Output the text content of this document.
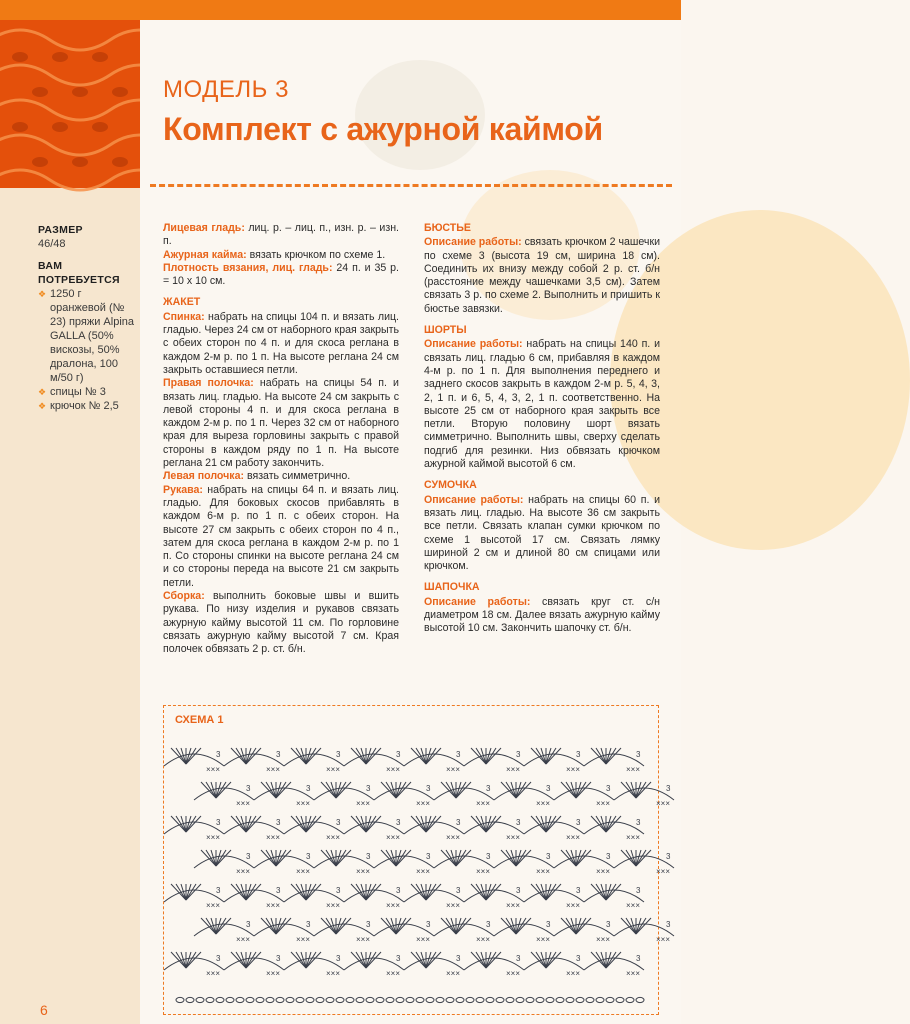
МОДЕЛЬ 3
Комплект с ажурной каймой
РАЗМЕР
46/48
ВАМ
ПОТРЕБУЕТСЯ
❖ 1250 г оранжевой (№ 23) пряжи Alpina GALLA (50% вискозы, 50% дралона, 100 м/50 г)
❖ спицы № 3
❖ крючок № 2,5

Лицевая гладь: лиц. р. – лиц. п., изн. р. – изн. п.

Ажурная кайма: вязать крючком по схеме 1.

Плотность вязания, лиц. гладь: 24 п. и 35 р. = 10 х 10 см.

ЖАКЕТ

Спинка: набрать на спицы 104 п. и вязать лиц. гладью. Через 24 см от наборного края закрыть с обеих сторон по 4 п. и для скоса реглана в каждом 2-м р. по 1 п. На высоте реглана 24 см закрыть оставшиеся петли.

Правая полочка: набрать на спицы 54 п. и вязать лиц. гладью. На высоте 24 см закрыть с левой стороны 4 п. и для скоса реглана в каждом 2-м р. по 1 п. Через 32 см от наборного края для выреза горловины закрыть с правой стороны в каждом ряду по 1 п. На высоте реглана 21 см работу закончить.

Левая полочка: вязать симметрично.

Рукава: набрать на спицы 64 п. и вязать лиц. гладью. Для боковых скосов прибавлять в каждом 6-м р. по 1 п. с обеих сторон. На высоте 27 см закрыть с обеих сторон по 4 п., затем для скоса реглана в каждом 2-м р. по 1 п. Со стороны спинки на высоте реглана 24 см и со стороны переда на высоте 21 см закрыть петли.

Сборка: выполнить боковые швы и вшить рукава. По низу изделия и рукавов связать ажурную кайму высотой 11 см. По горловине связать ажурную кайму высотой 7 см. Края полочек обвязать 2 р. ст. б/н.

БЮСТЬЕ

Описание работы: связать крючком 2 чашечки по схеме 3 (высота 19 см, ширина 18 см). Соединить их внизу между собой 2 р. ст. б/н (расстояние между чашечками 3,5 см). Затем связать 3 р. по схеме 2. Выполнить и пришить к бюстье завязки.

ШОРТЫ

Описание работы: набрать на спицы 140 п. и связать лиц. гладью 6 см, прибавляя в каждом 4-м р. по 1 п. Для выполнения переднего и заднего скосов закрыть в каждом 2-м р. 5, 4, 3, 2, 1 п. и 6, 5, 4, 3, 2, 1 п. соответственно. На высоте 25 см от наборного края закрыть все петли. Вторую половину шорт вязать симметрично. Выполнить швы, сверху сделать подгиб для резинки. Низ обвязать крючком ажурной каймой высотой 6 см.

СУМОЧКА

Описание работы: набрать на спицы 60 п. и вязать лиц. гладью. На высоте 36 см закрыть все петли. Связать клапан сумки крючком по схеме 1 высотой 17 см. Связать лямку шириной 2 см и длиной 80 см спицами или крючком.

ШАПОЧКА

Описание работы: связать круг ст. с/н диаметром 18 см. Далее вязать ажурную кайму высотой 10 см. Закончить шапочку ст. б/н.

СХЕМА 1
×××
3
×××
3
×××
3
×××
3
×××
3
×××
3
×××
3
×××
3
×××
3
×××
3
×××
3
×××
3
×××
3
×××
3
×××
3
×××
3
×××
3
×××
3
×××
3
×××
3
×××
3
×××
3
×××
3
×××
3
×××
3
×××
3
×××
3
×××
3
×××
3
×××
3
×××
3
×××
3
×××
3
×××
3
×××
3
×××
3
×××
3
×××
3
×××
3
×××
3
×××
3
×××
3
×××
3
×××
3
×××
3
×××
3
×××
3
×××
3
×××
3
×××
3
×××
3
×××
3
×××
3
×××
3
×××
3
×××
3
6
